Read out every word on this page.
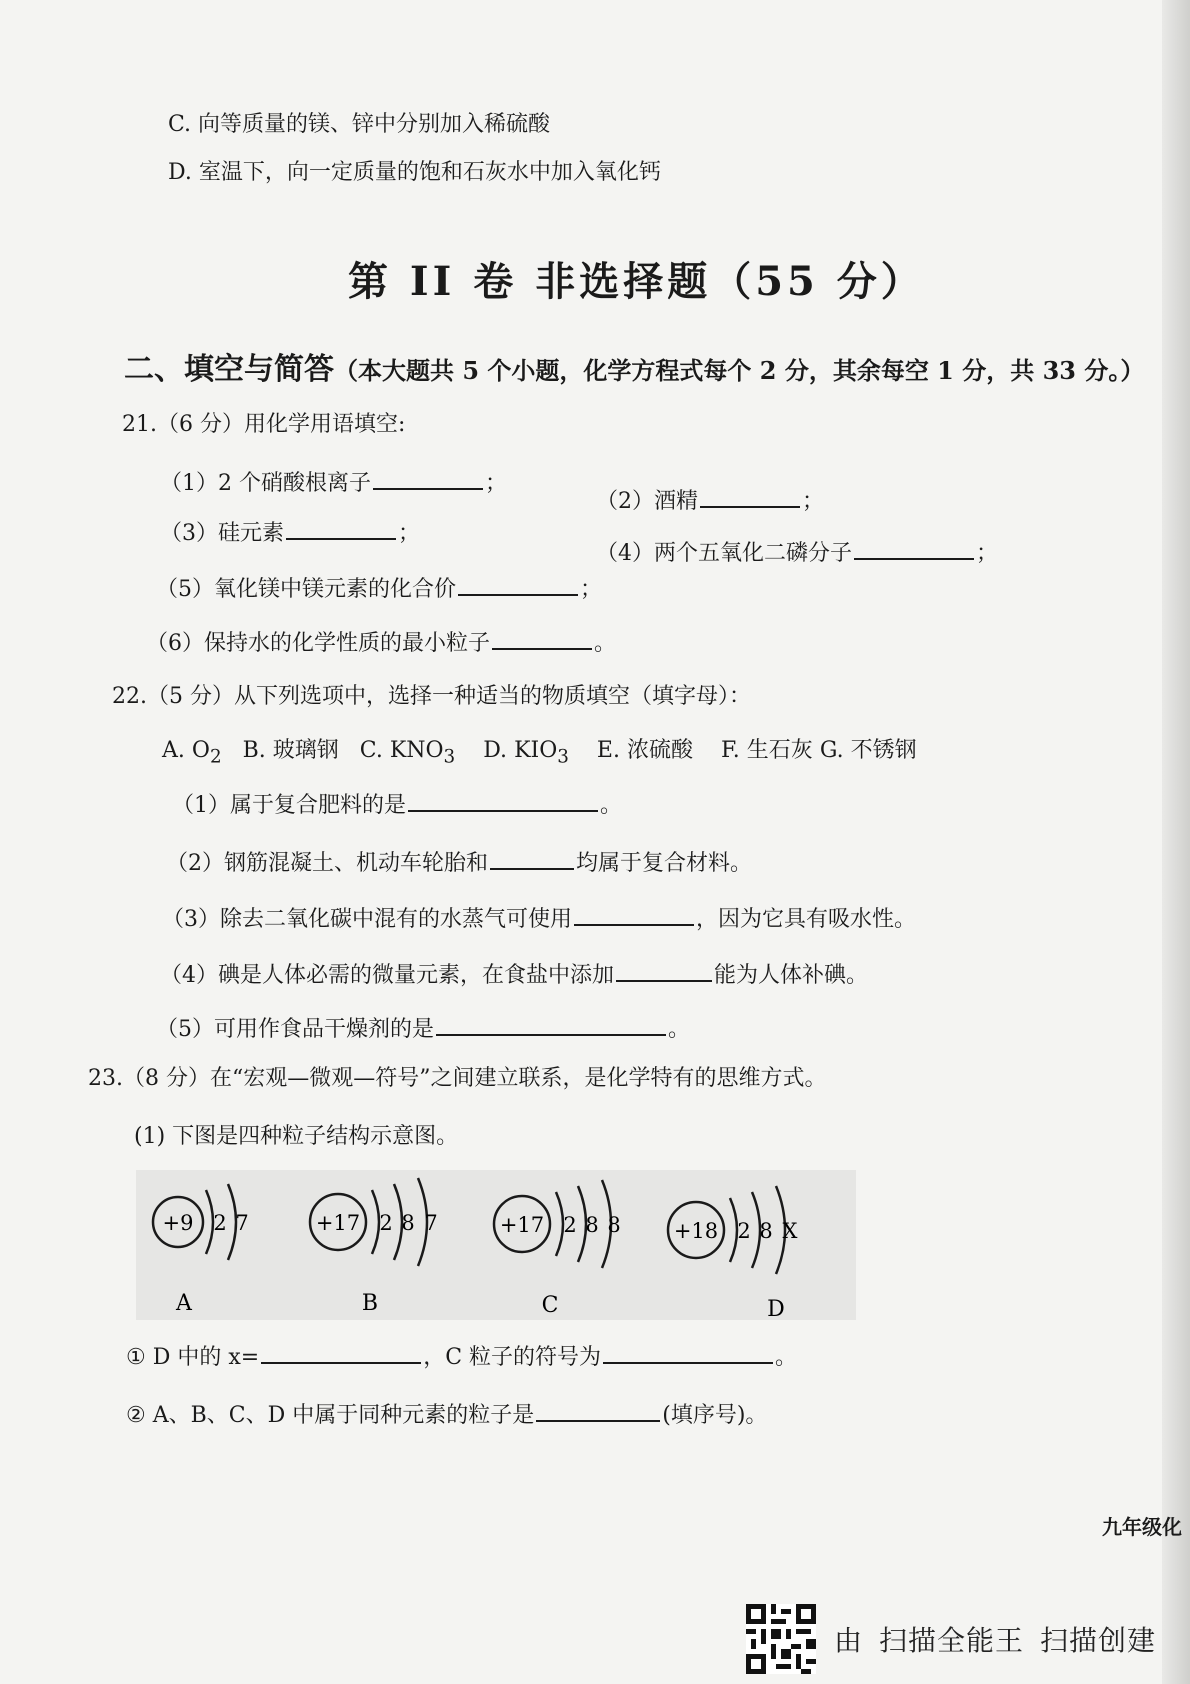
C. 向等质量的镁、锌中分别加入稀硫酸
D. 室温下，向一定质量的饱和石灰水中加入氧化钙
第 II 卷 非选择题（55 分）
二、填空与简答（本大题共 5 个小题，化学方程式每个 2 分，其余每空 1 分，共 33 分。）
21.（6 分）用化学用语填空:
（1）2 个硝酸根离子	；
（2）酒精	；
（3）硅元素	；
（4）两个五氧化二磷分子	；
（5）氧化镁中镁元素的化合价	；
（6）保持水的化学性质的最小粒子	。
22.（5 分）从下列选项中，选择一种适当的物质填空（填字母）：
A. $O_2$ B. 玻璃钢 C. $KNO_3$ D. $KIO_3$ E. 浓硫酸 F. 生石灰 G. 不锈钢
（1）属于复合肥料的是	。
（2）钢筋混凝土、机动车轮胎和	均属于复合材料。
（3）除去二氧化碳中混有的水蒸气可使用	，因为它具有吸水性。
（4）碘是人体必需的微量元素，在食盐中添加	能为人体补碘。
（5）可用作食品干燥剂的是	。
23.（8 分）在“宏观—微观—符号”之间建立联系，是化学特有的思维方式。
(1) 下图是四种粒子结构示意图。
+9 2 7
A
+17 2 8 7
B
+17 2 8 8
C
+18 2 8 X
D
① D 中的 x=	，C 粒子的符号为	。
② A、B、C、D 中属于同种元素的粒子是	(填序号)。
九年级化
由 扫描全能王 扫描创建
